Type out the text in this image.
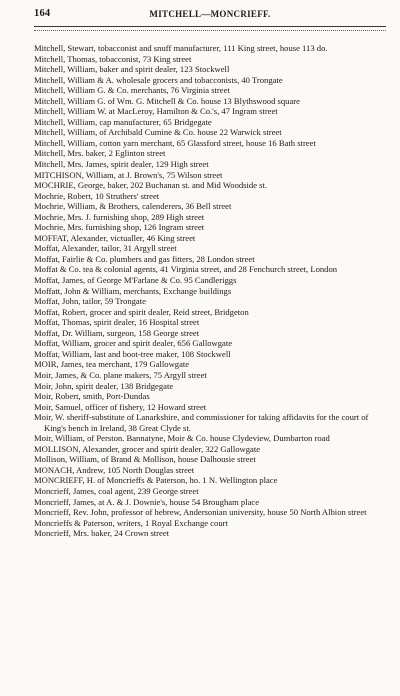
164	MITCHELL—MONCRIEFF.
Mitchell, Stewart, tobacconist and snuff manufacturer, 111 King street, house 113 do.
Mitchell, Thomas, tobacconist, 73 King street
Mitchell, William, baker and spirit dealer, 123 Stockwell
Mitchell, William & A. wholesale grocers and tobacconists, 40 Trongate
Mitchell, William G. & Co. merchants, 76 Virginia street
Mitchell, William G. of Wm. G. Mitchell & Co. house 13 Blythswood square
Mitchell, William W. at MacLeroy, Hamilton & Co.'s, 47 Ingram street
Mitchell, William, cap manufacturer, 65 Bridgegate
Mitchell, William, of Archibald Cumine & Co. house 22 Warwick street
Mitchell, William, cotton yarn merchant, 65 Glassford street, house 16 Bath street
Mitchell, Mrs. baker, 2 Eglinton street
Mitchell, Mrs. James, spirit dealer, 129 High street
MITCHISON, William, at J. Brown's, 75 Wilson street
MOCHRIE, George, baker, 202 Buchanan st. and Mid Woodside st.
Mochrie, Robert, 10 Struthers' street
Mochrie, William, & Brothers, calenderers, 36 Bell street
Mochrie, Mrs. J. furnishing shop, 289 High street
Mochrie, Mrs. furnishing shop, 126 Ingram street
MOFFAT, Alexander, victualler, 46 King street
Moffat, Alexander, tailor, 31 Argyll street
Moffat, Fairlie & Co. plumbers and gas fitters, 28 London street
Moffat & Co. tea & colonial agents, 41 Virginia street, and 28 Fenchurch street, London
Moffat, James, of George M'Farlane & Co. 95 Candleriggs
Moffatt, John & William, merchants, Exchange buildings
Moffat, John, tailor, 59 Trongate
Moffat, Robert, grocer and spirit dealer, Reid street, Bridgeton
Moffat, Thomas, spirit dealer, 16 Hospital street
Moffat, Dr. William, surgeon, 158 George street
Moffat, William, grocer and spirit dealer, 656 Gallowgate
Moffat, William, last and boot-tree maker, 108 Stockwell
MOIR, James, tea merchant, 179 Gallowgate
Moir, James, & Co. plane makers, 75 Argyll street
Moir, John, spirit dealer, 138 Bridgegate
Moir, Robert, smith, Port-Dundas
Moir, Samuel, officer of fishery, 12 Howard street
Moir, W. sheriff-substitute of Lanarkshire, and commissioner for taking affidavits for the court of King's bench in Ireland, 38 Great Clyde st.
Moir, William, of Perston. Bannatyne, Moir & Co. house Clydeview, Dumbarton road
MOLLISON, Alexander, grocer and spirit dealer, 322 Gallowgate
Mollison, William, of Brand & Mollison, house Dalhousie street
MONACH, Andrew, 105 North Douglas street
MONCRIEFF, H. of Moncrieffs & Paterson, ho. 1 N. Wellington place
Moncrieff, James, coal agent, 239 George street
Moncrieff, James, at A. & J. Downie's, house 54 Brougham place
Moncrieff, Rev. John, professor of hebrew, Andersonian university, house 50 North Albion street
Moncrieffs & Paterson, writers, 1 Royal Exchange court
Moncrieff, Mrs. baker, 24 Crown street
